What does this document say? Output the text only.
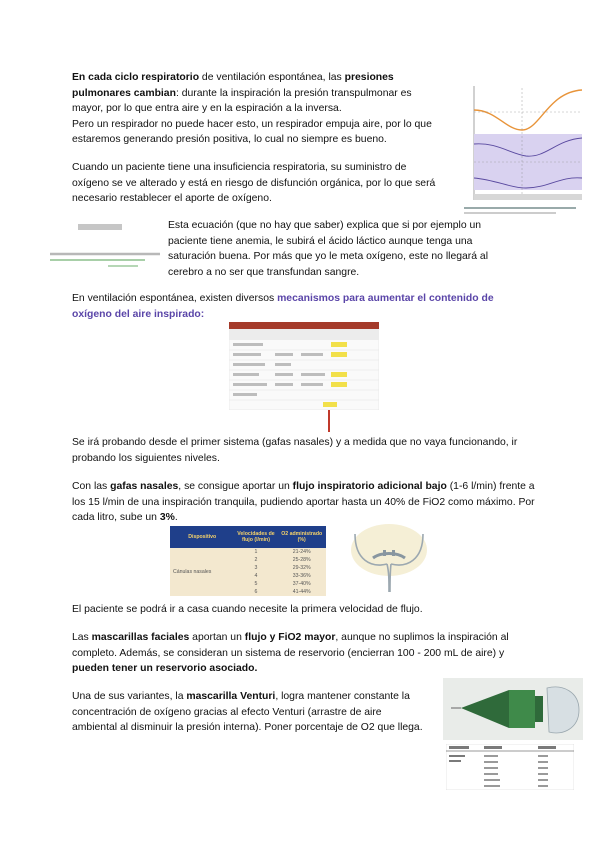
En cada ciclo respiratorio de ventilación espontánea, las presiones pulmonares cambian: durante la inspiración la presión transpulmonar es mayor, por lo que entra aire y en la espiración a la inversa.
Pero un respirador no puede hacer esto, un respirador empuja aire, por lo que estaremos generando presión positiva, lo cual no siempre es bueno.
Cuando un paciente tiene una insuficiencia respiratoria, su suministro de oxígeno se ve alterado y está en riesgo de disfunción orgánica, por lo que será necesario restablecer el aporte de oxígeno.
Esta ecuación (que no hay que saber) explica que si por ejemplo un paciente tiene anemia, le subirá el ácido láctico aunque tenga una saturación buena. Por más que yo le meta oxígeno, este no llegará al cerebro a no ser que transfundan sangre.
En ventilación espontánea, existen diversos mecanismos para aumentar el contenido de oxígeno del aire inspirado:
Se irá probando desde el primer sistema (gafas nasales) y a medida que no vaya funcionando, ir probando los siguientes niveles.
Con las gafas nasales, se consigue aportar un flujo inspiratorio adicional bajo (1-6 l/min) frente a los 15 l/min de una inspiración tranquila, pudiendo aportar hasta un 40% de FiO2 como máximo. Por cada litro, sube un 3%.
Dispositivo	Velocidades de flujo (l/min)	O2 administrado (%)
Cánulas nasales	1	21-24%
	2	25-28%
	3	29-32%
	4	33-36%
	5	37-40%
	6	41-44%
El paciente se podrá ir a casa cuando necesite la primera velocidad de flujo.
Las mascarillas faciales aportan un flujo y FiO2 mayor, aunque no suplimos la inspiración al completo. Además, se consideran un sistema de reservorio (encierran 100 - 200 mL de aire) y pueden tener un reservorio asociado.
Una de sus variantes, la mascarilla Venturi, logra mantener constante la concentración de oxígeno gracias al efecto Venturi (arrastre de aire ambiental al disminuir la presión interna). Poner porcentaje de O2 que llega.
